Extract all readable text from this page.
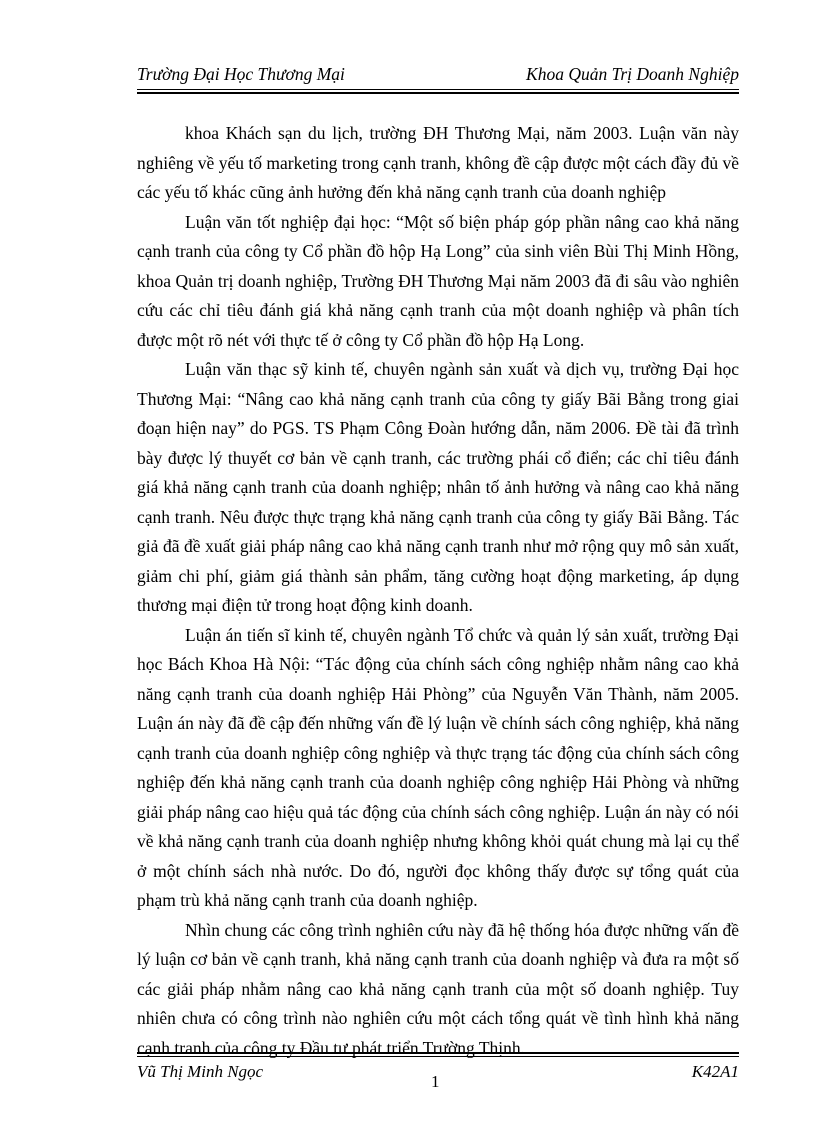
Trường Đại Học Thương Mại	Khoa Quản Trị Doanh Nghiệp

khoa Khách sạn du lịch, trường ĐH Thương Mại, năm 2003. Luận văn này nghiêng về yếu tố marketing trong cạnh tranh, không đề cập được một cách đầy đủ về các yếu tố khác cũng ảnh hưởng đến khả năng cạnh tranh của doanh nghiệp

Luận văn tốt nghiệp đại học: “Một số biện pháp góp phần nâng cao khả năng cạnh tranh của công ty Cổ phần đồ hộp Hạ Long” của sinh viên Bùi Thị Minh Hồng, khoa Quản trị doanh nghiệp, Trường ĐH Thương Mại năm 2003 đã đi sâu vào nghiên cứu các chỉ tiêu đánh giá khả năng cạnh tranh của một doanh nghiệp và phân tích được một rõ nét với thực tế ở công ty Cổ phần đồ hộp Hạ Long.

Luận văn thạc sỹ kinh tế, chuyên ngành sản xuất và dịch vụ, trường Đại học Thương Mại: “Nâng cao khả năng cạnh tranh của công ty giấy Bãi Bằng trong giai đoạn hiện nay” do PGS. TS Phạm Công Đoàn hướng dẫn, năm 2006. Đề tài đã trình bày được lý thuyết cơ bản về cạnh tranh, các trường phái cổ điển; các chỉ tiêu đánh giá khả năng cạnh tranh của doanh nghiệp; nhân tố ảnh hưởng và nâng cao khả năng cạnh tranh. Nêu được thực trạng khả năng cạnh tranh của công ty giấy Bãi Bằng. Tác giả đã đề xuất giải pháp nâng cao khả năng cạnh tranh như mở rộng quy mô sản xuất, giảm chi phí, giảm giá thành sản phẩm, tăng cường hoạt động marketing, áp dụng thương mại điện tử trong hoạt động kinh doanh.

Luận án tiến sĩ kinh tế, chuyên ngành Tổ chức và quản lý sản xuất, trường Đại học Bách Khoa Hà Nội: “Tác động của chính sách công nghiệp nhằm nâng cao khả năng cạnh tranh của doanh nghiệp Hải Phòng” của Nguyễn Văn Thành, năm 2005. Luận án này đã đề cập đến những vấn đề lý luận về chính sách công nghiệp, khả năng cạnh tranh của doanh nghiệp công nghiệp và thực trạng tác động của chính sách công nghiệp đến khả năng cạnh tranh của doanh nghiệp công nghiệp Hải Phòng và những giải pháp nâng cao hiệu quả tác động của chính sách công nghiệp. Luận án này có nói về khả năng cạnh tranh của doanh nghiệp nhưng không khỏi quát chung mà lại cụ thể ở một chính sách nhà nước. Do đó, người đọc không thấy được sự tổng quát của phạm trù khả năng cạnh tranh của doanh nghiệp.

Nhìn chung các công trình nghiên cứu này đã hệ thống hóa được những vấn đề lý luận cơ bản về cạnh tranh, khả năng cạnh tranh của doanh nghiệp và đưa ra một số các giải pháp nhằm nâng cao khả năng cạnh tranh của một số doanh nghiệp. Tuy nhiên chưa có công trình nào nghiên cứu một cách tổng quát về tình hình khả năng cạnh tranh của công ty Đầu tư phát triển Trường Thịnh.

Vũ Thị Minh Ngọc
1
K42A1
